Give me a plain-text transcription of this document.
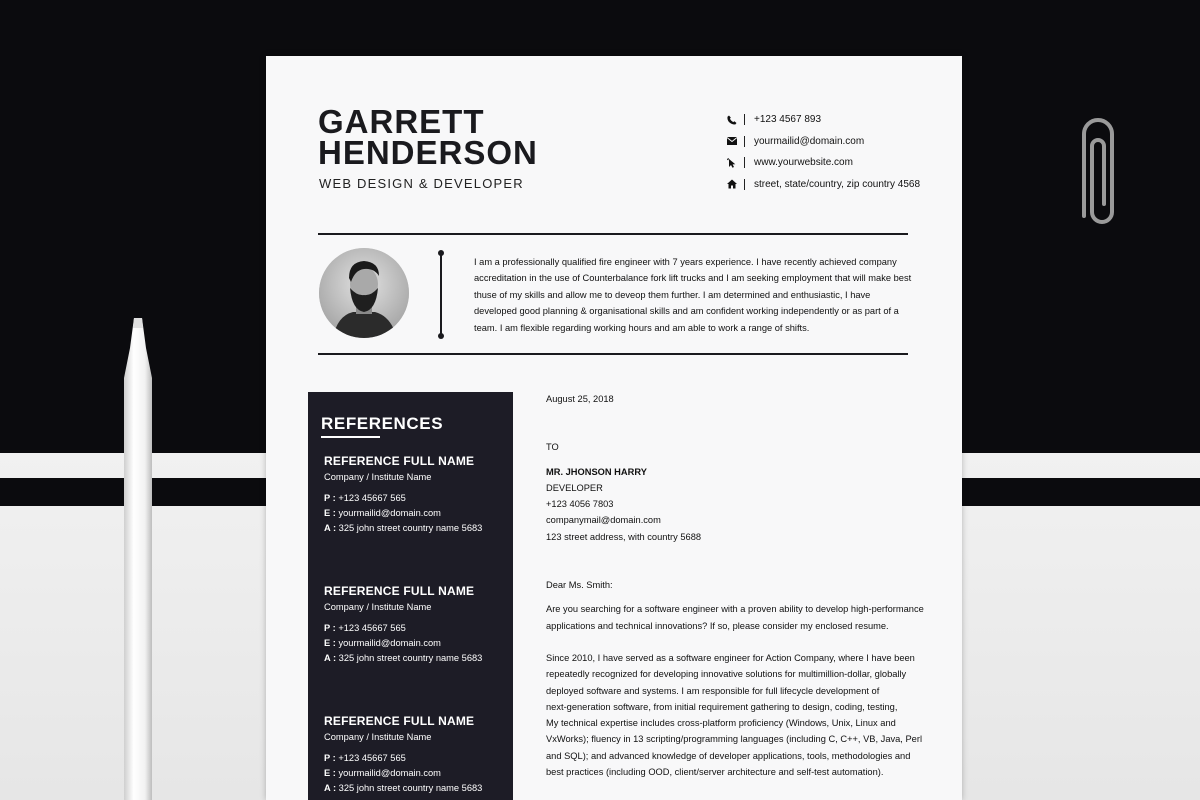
GARRETT
HENDERSON
WEB DESIGN & DEVELOPER
+123 4567 893
yourmailid@domain.com
www.yourwebsite.com
street, state/country, zip country 4568
I am a professionally qualified fire engineer with 7 years experience. I have recently achieved company accreditation in the use of Counterbalance fork lift trucks and I am seeking employment that will make best thuse of my skills and allow me to deveop them further. I am determined and enthusiastic, I have developed good planning & organisational skills and am confident working independently or as part of a team. I am flexible regarding working hours and am able to work a range of shifts.
REFERENCES
REFERENCE FULL NAME
Company / Institute Name
P : +123 45667 565
E : yourmailid@domain.com
A : 325 john street country name 5683
REFERENCE FULL NAME
Company / Institute Name
P : +123 45667 565
E : yourmailid@domain.com
A : 325 john street country name 5683
REFERENCE FULL NAME
Company / Institute Name
P : +123 45667 565
E : yourmailid@domain.com
A : 325 john street country name 5683
August 25, 2018
TO
MR. JHONSON HARRY
DEVELOPER
+123 4056 7803
companymail@domain.com
123 street address, with country 5688
Dear Ms. Smith:
Are you searching for a software engineer with a proven ability to develop high-performance
applications and technical innovations? If so, please consider my enclosed resume.
Since 2010, I have served as a software engineer for Action Company, where I have been
repeatedly recognized for developing innovative solutions for multimillion-dollar, globally
deployed software and systems. I am responsible for full lifecycle development of
next-generation software, from initial requirement gathering to design, coding, testing,
My technical expertise includes cross-platform proficiency (Windows, Unix, Linux and
VxWorks); fluency in 13 scripting/programming languages (including C, C++, VB, Java, Perl
and SQL); and advanced knowledge of developer applications, tools, methodologies and
best practices (including OOD, client/server architecture and self-test automation).
